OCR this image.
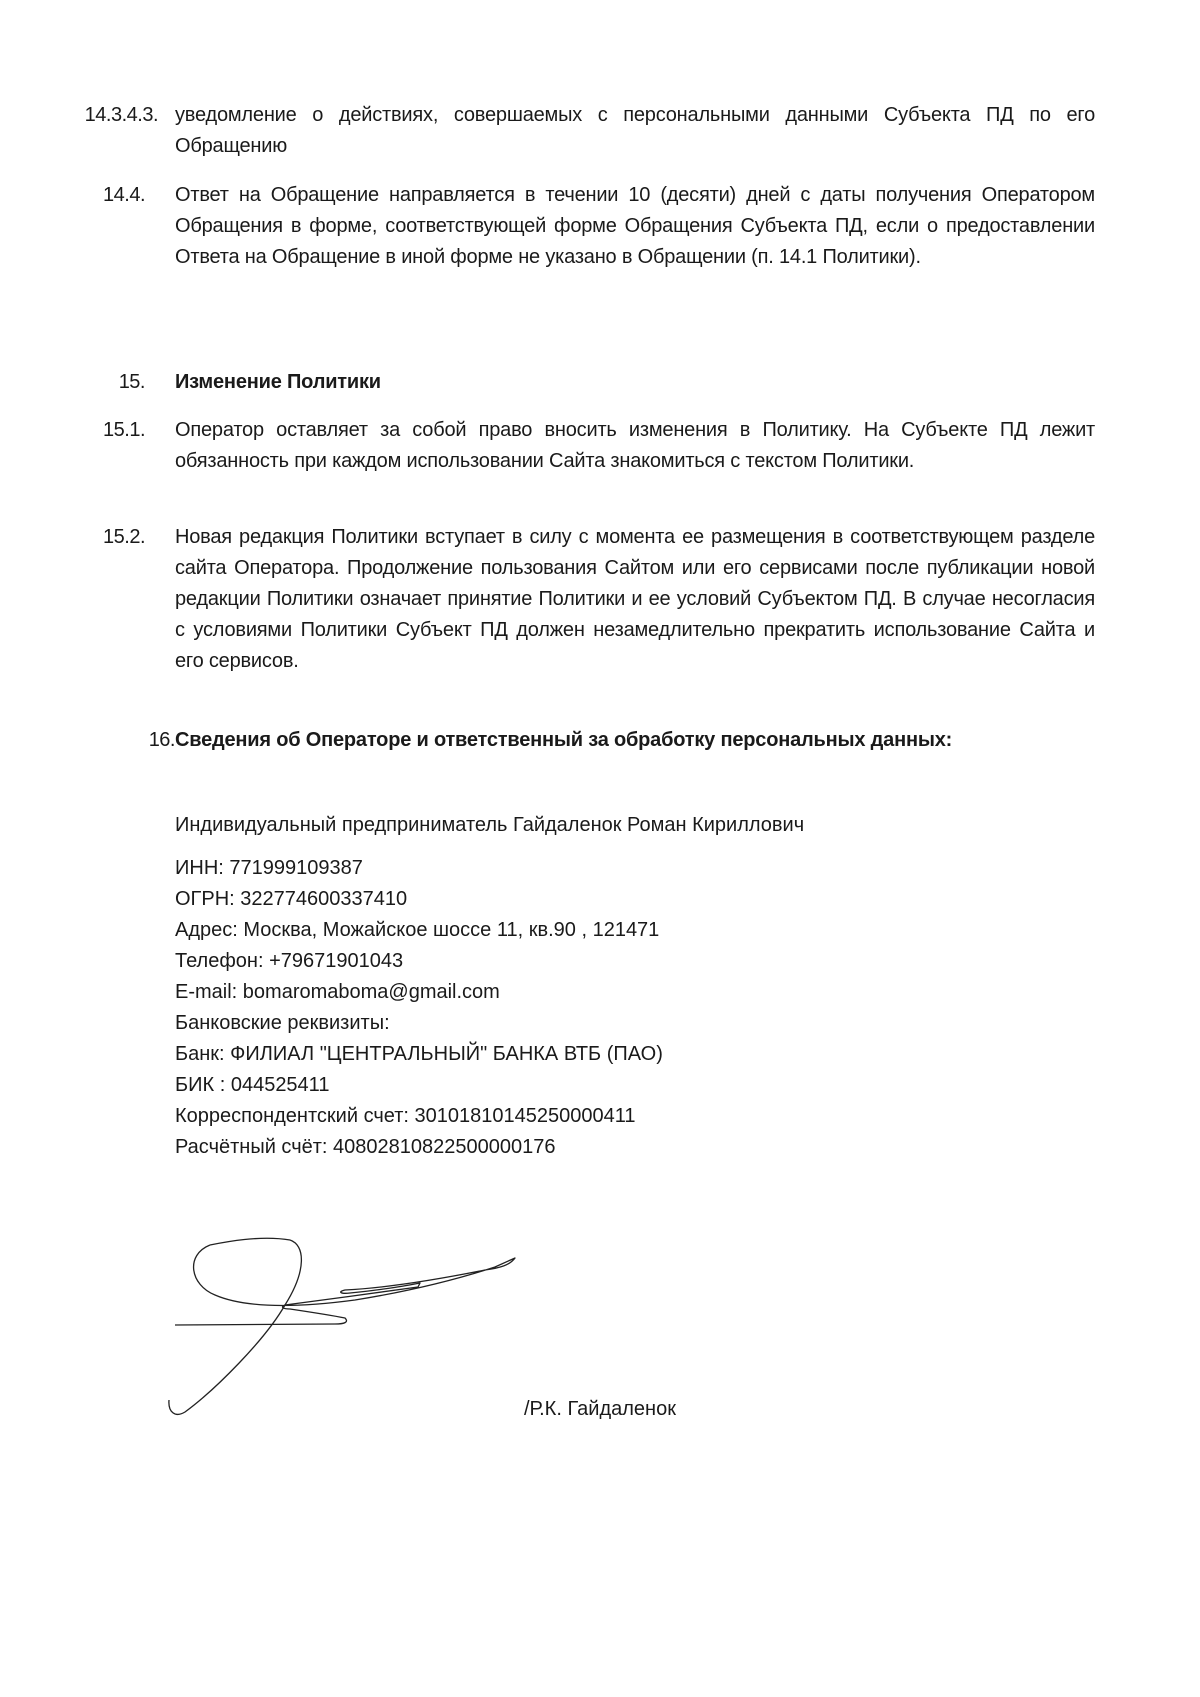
14.3.4.3. уведомление о действиях, совершаемых с персональными данными Субъекта ПД по его Обращению
14.4. Ответ на Обращение направляется в течении 10 (десяти) дней с даты получения Оператором Обращения в форме, соответствующей форме Обращения Субъекта ПД, если о предоставлении Ответа на Обращение в иной форме не указано в Обращении (п. 14.1 Политики).
15. Изменение Политики
15.1. Оператор оставляет за собой право вносить изменения в Политику. На Субъекте ПД лежит обязанность при каждом использовании Сайта знакомиться с текстом Политики.
15.2. Новая редакция Политики вступает в силу с момента ее размещения в соответствующем разделе сайта Оператора. Продолжение пользования Сайтом или его сервисами после публикации новой редакции Политики означает принятие Политики и ее условий Субъектом ПД. В случае несогласия с условиями Политики Субъект ПД должен незамедлительно прекратить использование Сайта и его сервисов.
16. Сведения об Операторе и ответственный за обработку персональных данных:
Индивидуальный предприниматель Гайдаленок Роман Кириллович
ИНН: 771999109387
ОГРН: 322774600337410
Адрес: Москва, Можайское шоссе 11, кв.90 , 121471
Телефон: +79671901043
E-mail: bomaromaboma@gmail.com
Банковские реквизиты:
Банк: ФИЛИАЛ "ЦЕНТРАЛЬНЫЙ" БАНКА ВТБ (ПАО)
БИК : 044525411
Корреспондентский счет: 30101810145250000411
Расчётный счёт: 40802810822500000176
/Р.К. Гайдаленок
